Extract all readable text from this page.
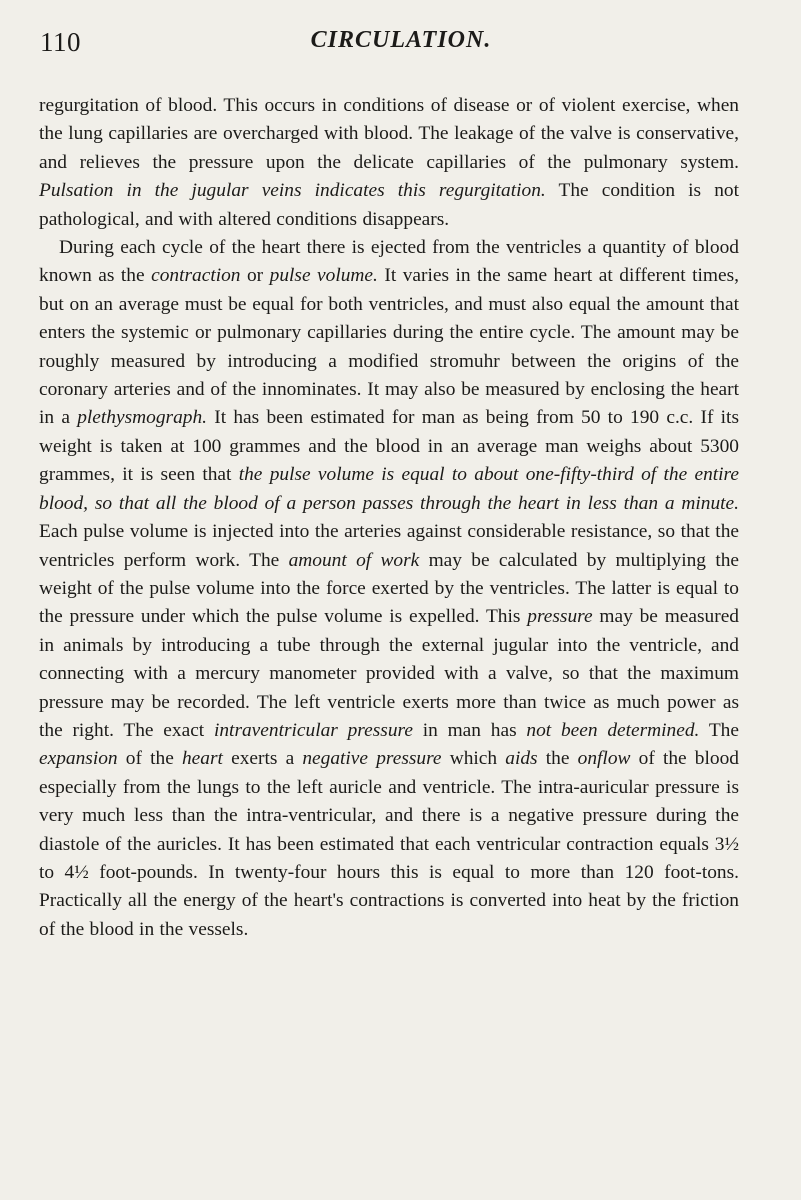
110	CIRCULATION.

regurgitation of blood. This occurs in conditions of disease or of violent exercise, when the lung capillaries are overcharged with blood. The leakage of the valve is conservative, and relieves the pressure upon the delicate capillaries of the pulmonary system. Pulsation in the jugular veins indicates this regurgitation. The condition is not pathological, and with altered conditions disappears.

During each cycle of the heart there is ejected from the ventricles a quantity of blood known as the contraction or pulse volume. It varies in the same heart at different times, but on an average must be equal for both ventricles, and must also equal the amount that enters the systemic or pulmonary capillaries during the entire cycle. The amount may be roughly measured by introducing a modified stromuhr between the origins of the coronary arteries and of the innominates. It may also be measured by enclosing the heart in a plethysmograph. It has been estimated for man as being from 50 to 190 c.c. If its weight is taken at 100 grammes and the blood in an average man weighs about 5300 grammes, it is seen that the pulse volume is equal to about one-fifty-third of the entire blood, so that all the blood of a person passes through the heart in less than a minute. Each pulse volume is injected into the arteries against considerable resistance, so that the ventricles perform work. The amount of work may be calculated by multiplying the weight of the pulse volume into the force exerted by the ventricles. The latter is equal to the pressure under which the pulse volume is expelled. This pressure may be measured in animals by introducing a tube through the external jugular into the ventricle, and connecting with a mercury manometer provided with a valve, so that the maximum pressure may be recorded. The left ventricle exerts more than twice as much power as the right. The exact intraventricular pressure in man has not been determined. The expansion of the heart exerts a negative pressure which aids the onflow of the blood especially from the lungs to the left auricle and ventricle. The intra-auricular pressure is very much less than the intra-ventricular, and there is a negative pressure during the diastole of the auricles. It has been estimated that each ventricular contraction equals 3½ to 4½ foot-pounds. In twenty-four hours this is equal to more than 120 foot-tons. Practically all the energy of the heart's contractions is converted into heat by the friction of the blood in the vessels.
